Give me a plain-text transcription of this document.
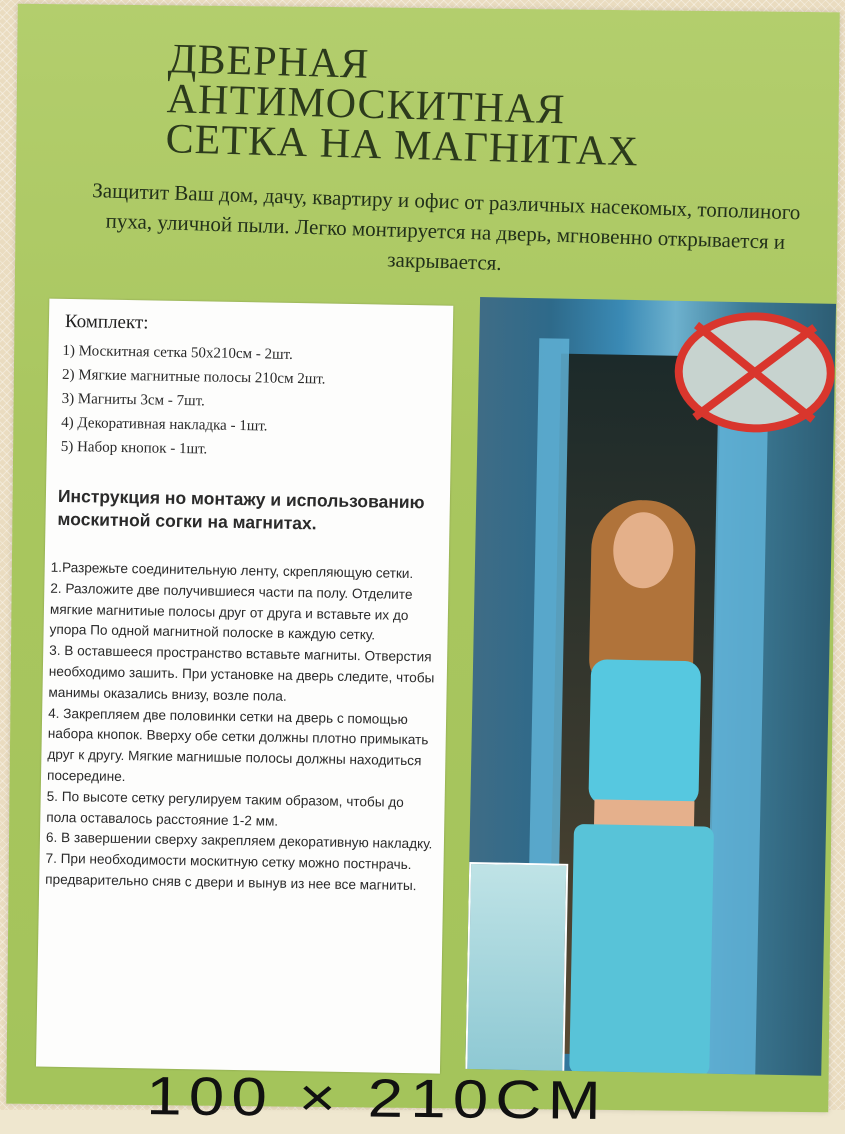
ДВЕРНАЯ
АНТИМОСКИТНАЯ
СЕТКА НА МАГНИТАХ

Защитит Ваш дом, дачу, квартиру и офис от различных насекомых, тополиного пуха, уличной пыли. Легко монтируется на дверь, мгновенно открывается и закрывается.

Комплект:
1) Москитная сетка 50х210см - 2шт.
2) Мягкие магнитные полосы 210см 2шт.
3) Магниты 3см - 7шт.
4) Декоративная накладка - 1шт.
5) Набор кнопок - 1шт.
Инструкция но монтажу и использованию москитной согки на магнитах.

1.Разрежьте соединительную ленту, скрепляющую сетки.

2. Разложите две получившиеся части па полу. Отделите мягкие магнитиые полосы друг от друга и вставьте их до упора По одной магнитной полоске в каждую сетку.

3. В оставшееся пространство вставьте магниты. Отверстия необходимо зашить. При установке на дверь следите, чтобы манимы оказались внизу, возле пола.

4. Закрепляем две половинки сетки на дверь с помощью набора кнопок. Вверху обе сетки должны плотно примыкать друг к другу. Мягкие магнишые полосы должны находиться посередине.

5. По высоте сетку регулируем таким образом, чтобы до пола оставалось расстояние 1-2 мм.

6. В завершении сверху закрепляем декоративную накладку.

7. При необходимости москитную сетку можно постнрачь. предварительно сняв с двери и вынув из нее все магниты.

100 × 210СМ
